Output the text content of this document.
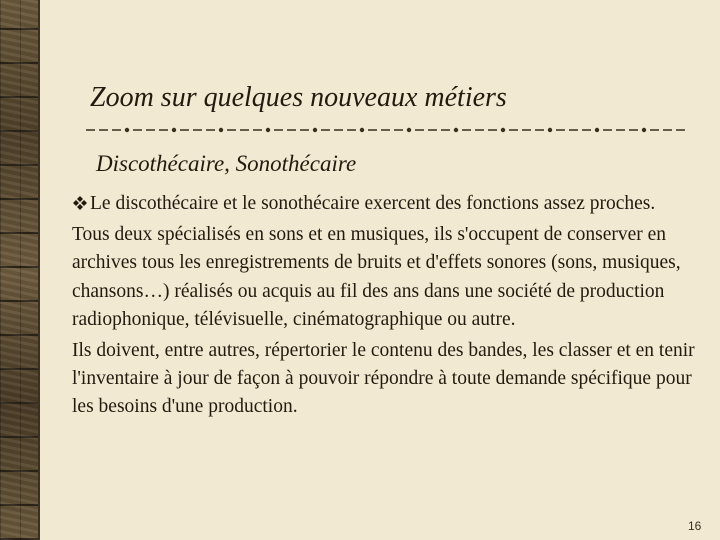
Zoom sur quelques nouveaux métiers
Discothécaire, Sonothécaire

Le discothécaire et le sonothécaire exercent des fonctions assez proches.

Tous deux spécialisés en sons et en musiques, ils s'occupent de conserver en archives tous les enregistrements de bruits et d'effets sonores (sons, musiques, chansons…) réalisés ou acquis au fil des ans dans une société de production radiophonique, télévisuelle, cinématographique ou autre.

Ils doivent, entre autres, répertorier le contenu des bandes, les classer et en tenir l'inventaire à jour de façon à pouvoir répondre à toute demande spécifique pour les besoins d'une production.

16
